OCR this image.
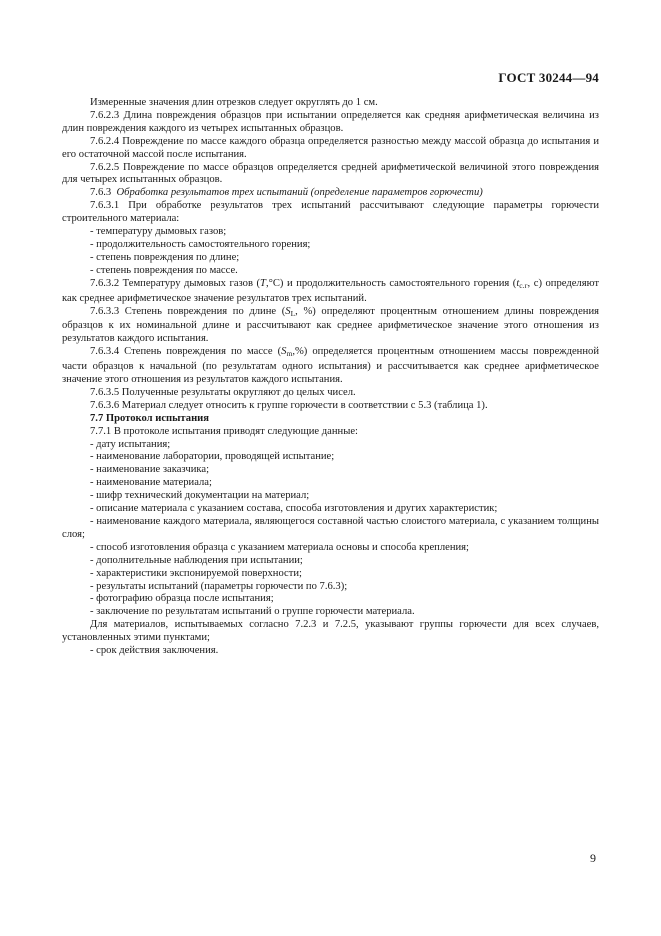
ГОСТ 30244—94

Измеренные значения длин отрезков следует округлять до 1 см.

7.6.2.3 Длина повреждения образцов при испытании определяется как средняя арифметическая величина из длин повреждения каждого из четырех испытанных образцов.

7.6.2.4 Повреждение по массе каждого образца определяется разностью между массой образца до испытания и его остаточной массой после испытания.

7.6.2.5 Повреждение по массе образцов определяется средней арифметической величиной этого повреждения для четырех испытанных образцов.

7.6.3 Обработка результатов трех испытаний (определение параметров горючести)

7.6.3.1 При обработке результатов трех испытаний рассчитывают следующие параметры горючести строительного материала:

- температуру дымовых газов;

- продолжительность самостоятельного горения;

- степень повреждения по длине;

- степень повреждения по массе.

7.6.3.2 Температуру дымовых газов (T,°С) и продолжительность самостоятельного горения ($t_{с.г}$, с) определяют как среднее арифметическое значение результатов трех испытаний.

7.6.3.3 Степень повреждения по длине ($S_L$, %) определяют процентным отношением длины повреждения образцов к их номинальной длине и рассчитывают как среднее арифметическое значение этого отношения из результатов каждого испытания.

7.6.3.4 Степень повреждения по массе $(S_m,\%)$ определяется процентным отношением массы поврежденной части образцов к начальной (по результатам одного испытания) и рассчитывается как среднее арифметическое значение этого отношения из результатов каждого испытания.

7.6.3.5 Полученные результаты округляют до целых чисел.

7.6.3.6 Материал следует относить к группе горючести в соответствии с 5.3 (таблица 1).

7.7 Протокол испытания

7.7.1 В протоколе испытания приводят следующие данные:

- дату испытания;

- наименование лаборатории, проводящей испытание;

- наименование заказчика;

- наименование материала;

- шифр технический документации на материал;

- описание материала с указанием состава, способа изготовления и других характеристик;

- наименование каждого материала, являющегося составной частью слоистого материала, с указанием толщины слоя;

- способ изготовления образца с указанием материала основы и способа крепления;

- дополнительные наблюдения при испытании;

- характеристики экспонируемой поверхности;

- результаты испытаний (параметры горючести по 7.6.3);

- фотографию образца после испытания;

- заключение по результатам испытаний о группе горючести материала.

Для материалов, испытываемых согласно 7.2.3 и 7.2.5, указывают группы горючести для всех случаев, установленных этими пунктами;

- срок действия заключения.

9
